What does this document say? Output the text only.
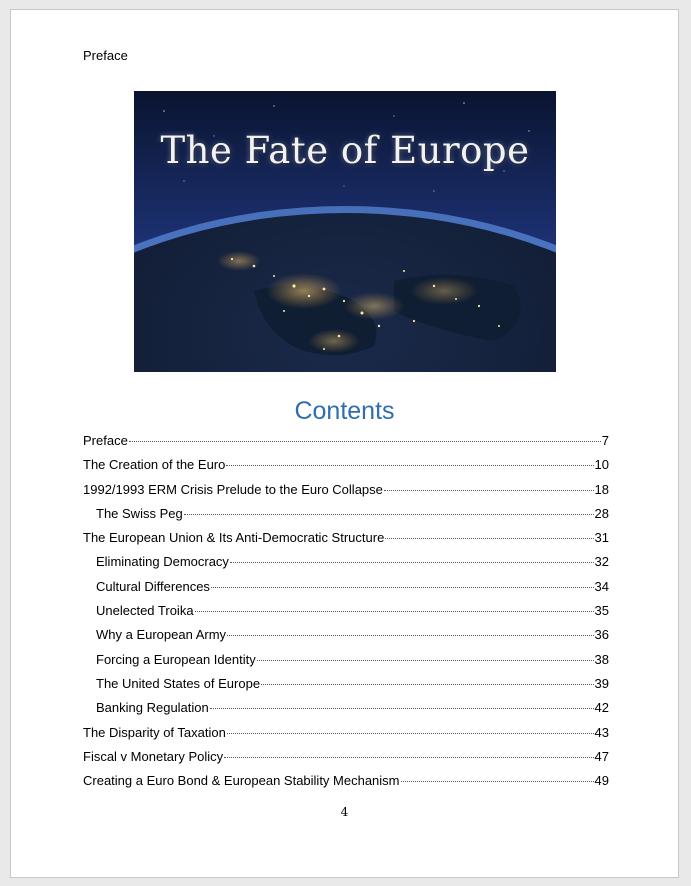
Preface
The Fate of Europe
Contents
Preface	7
The Creation of the Euro	10
1992/1993 ERM Crisis Prelude to the Euro Collapse	18
The Swiss Peg	28
The European Union & Its Anti-Democratic Structure	31
Eliminating Democracy	32
Cultural Differences	34
Unelected Troika	35
Why a European Army	36
Forcing a European Identity	38
The United States of Europe	39
Banking Regulation	42
The Disparity of Taxation	43
Fiscal v Monetary Policy	47
Creating a Euro Bond & European Stability Mechanism	49
4
